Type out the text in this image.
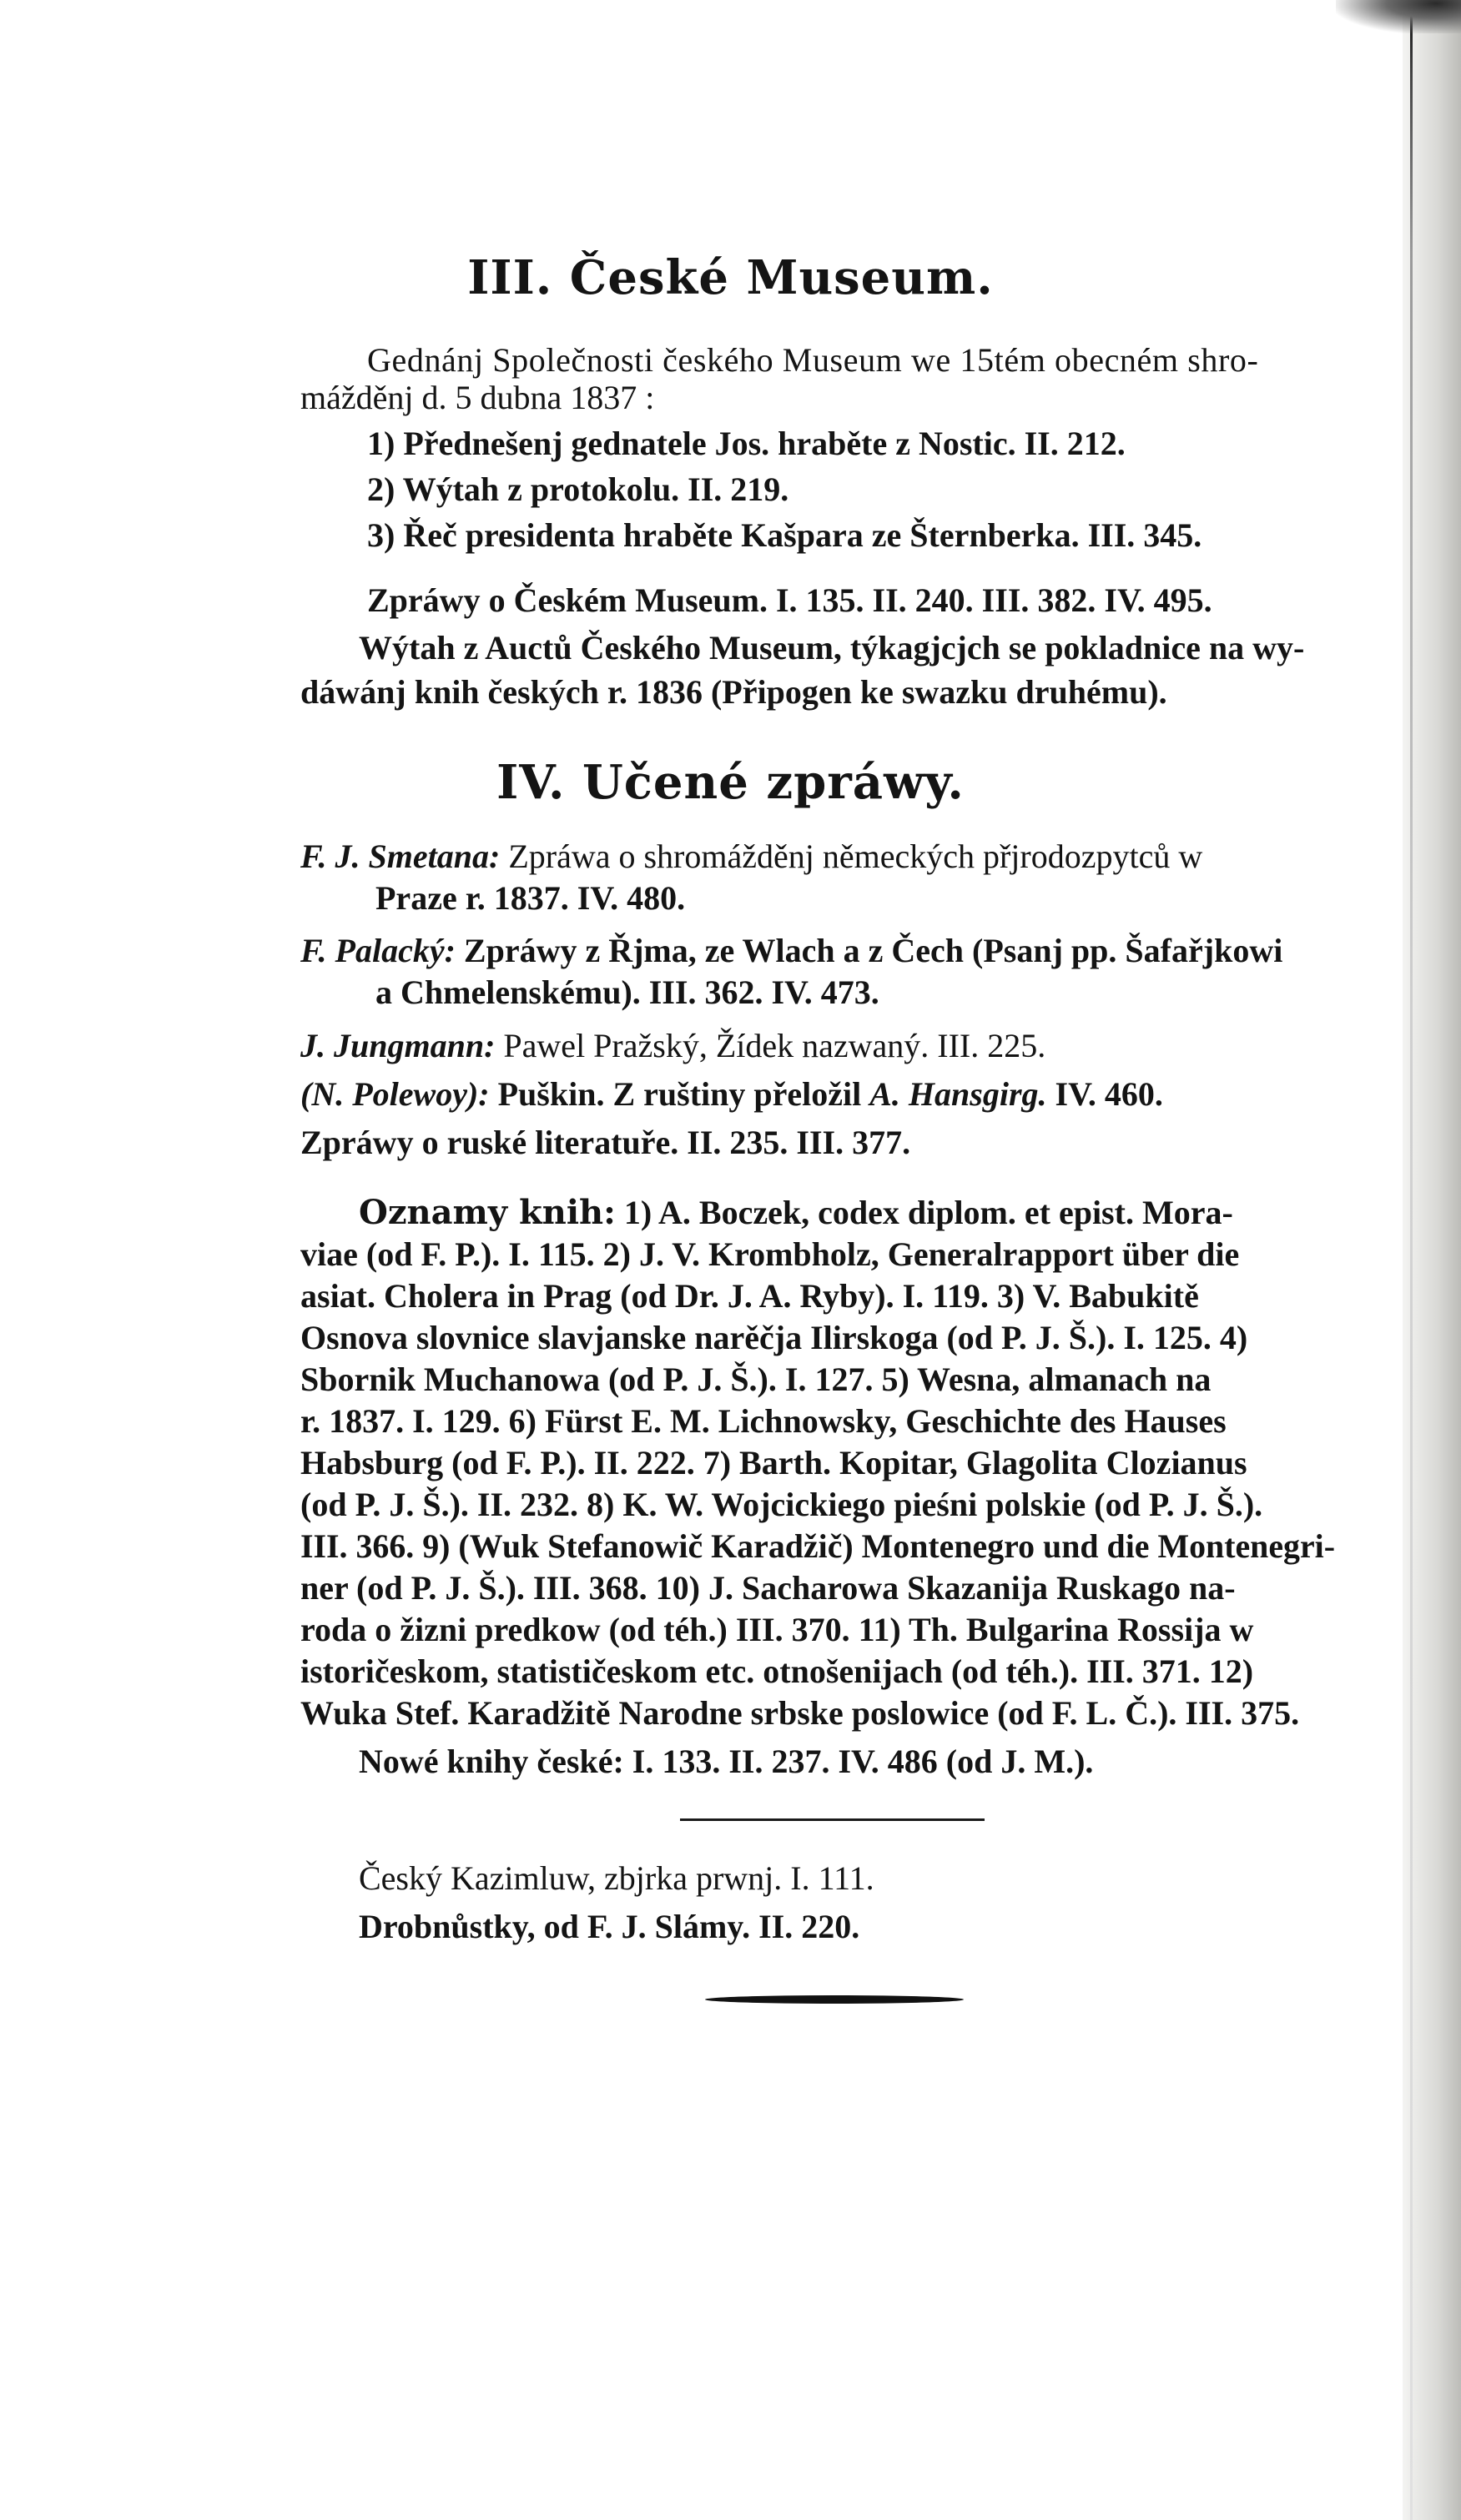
III. České Museum.
Gednánj Společnosti českého Museum we 15tém obecném shro-
mážděnj d. 5 dubna 1837 :
1) Přednešenj gednatele Jos. hraběte z Nostic. II. 212.
2) Wýtah z protokolu. II. 219.
3) Řeč presidenta hraběte Kašpara ze Šternberka. III. 345.
Zpráwy o Českém Museum. I. 135. II. 240. III. 382. IV. 495.
Wýtah z Auctů Českého Museum, týkagjcjch se pokladnice na wy-
dáwánj knih českých r. 1836 (Připogen ke swazku druhému).
IV. Učené zpráwy.
F. J. Smetana: Zpráwa o shromážděnj německých přjrodozpytců w
Praze r. 1837. IV. 480.
F. Palacký: Zpráwy z Řjma, ze Wlach a z Čech (Psanj pp. Šafařjkowi
a Chmelenskému). III. 362. IV. 473.
J. Jungmann: Pawel Pražský, Žídek nazwaný. III. 225.
(N. Polewoy): Puškin. Z ruštiny přeložil A. Hansgirg. IV. 460.
Zpráwy o ruské literatuře. II. 235. III. 377.
Oznamy knih: 1) A. Boczek, codex diplom. et epist. Mora-
viae (od F. P.). I. 115. 2) J. V. Krombholz, Generalrapport über die
asiat. Cholera in Prag (od Dr. J. A. Ryby). I. 119. 3) V. Babukitě
Osnova slovnice slavjanske narěčja Ilirskoga (od P. J. Š.). I. 125. 4)
Sbornik Muchanowa (od P. J. Š.). I. 127. 5) Wesna, almanach na
r. 1837. I. 129. 6) Fürst E. M. Lichnowsky, Geschichte des Hauses
Habsburg (od F. P.). II. 222. 7) Barth. Kopitar, Glagolita Clozianus
(od P. J. Š.). II. 232. 8) K. W. Wojcickiego pieśni polskie (od P. J. Š.).
III. 366. 9) (Wuk Stefanowič Karadžič) Montenegro und die Montenegri-
ner (od P. J. Š.). III. 368. 10) J. Sacharowa Skazanija Ruskago na-
roda o žizni predkow (od téh.) III. 370. 11) Th. Bulgarina Rossija w
istoričeskom, statističeskom etc. otnošenijach (od téh.). III. 371. 12)
Wuka Stef. Karadžitě Narodne srbske poslowice (od F. L. Č.). III. 375.
Nowé knihy české: I. 133. II. 237. IV. 486 (od J. M.).
Český Kazimluw, zbjrka prwnj. I. 111.
Drobnůstky, od F. J. Slámy. II. 220.
